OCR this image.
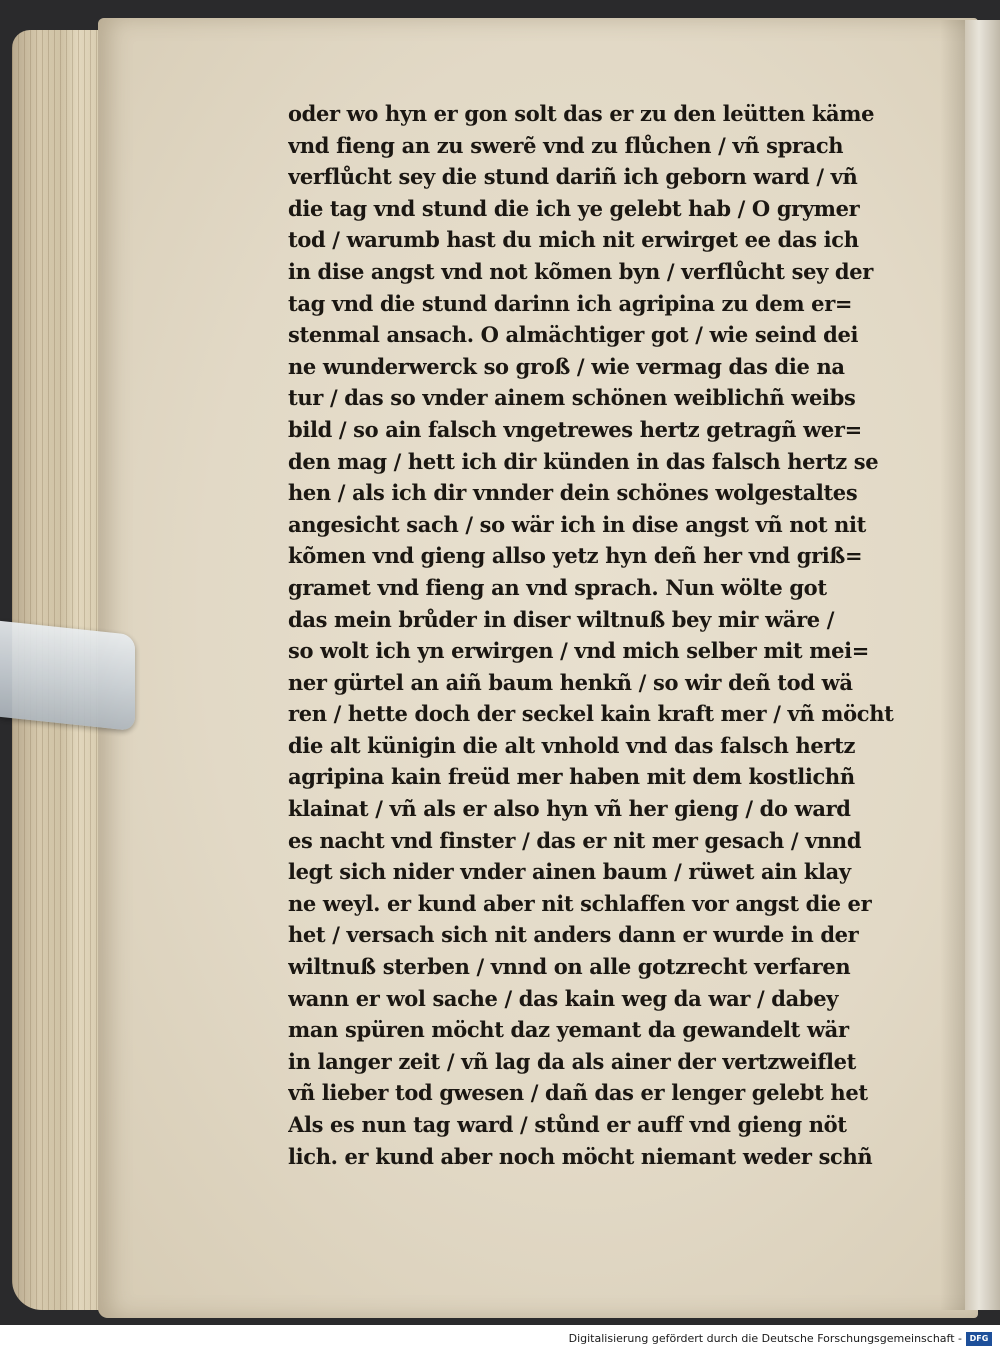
oder wo hyn er gon solt das er zu den leütten käme
vnd fieng an zu swerẽ vnd zu flůchen / vñ sprach
verflůcht sey die stund dariñ ich geborn ward / vñ
die tag vnd stund die ich ye gelebt hab / O grymer
tod / warumb hast du mich nit erwirget ee das ich
in dise angst vnd not kõmen byn / verflůcht sey der
tag vnd die stund darinn ich agripina zu dem er=
stenmal ansach. O almächtiger got / wie seind dei
ne wunderwerck so groß / wie vermag das die na
tur / das so vnder ainem schönen weiblichñ weibs
bild / so ain falsch vngetrewes hertz getragñ wer=
den mag / hett ich dir künden in das falsch hertz se
hen / als ich dir vnnder dein schönes wolgestaltes
angesicht sach / so wär ich in dise angst vñ not nit
kõmen vnd gieng allso yetz hyn deñ her vnd griß=
gramet vnd fieng an vnd sprach. Nun wölte got
das mein brůder in diser wiltnuß bey mir wäre /
so wolt ich yn erwirgen / vnd mich selber mit mei=
ner gürtel an aiñ baum henkñ / so wir deñ tod wä
ren / hette doch der seckel kain kraft mer / vñ möcht
die alt künigin die alt vnhold vnd das falsch hertz
agripina kain freüd mer haben mit dem kostlichñ
klainat / vñ als er also hyn vñ her gieng / do ward
es nacht vnd finster / das er nit mer gesach / vnnd
legt sich nider vnder ainen baum / rüwet ain klay
ne weyl. er kund aber nit schlaffen vor angst die er
het / versach sich nit anders dann er wurde in der
wiltnuß sterben / vnnd on alle gotzrecht verfaren
wann er wol sache / das kain weg da war / dabey
man spüren möcht daz yemant da gewandelt wär
in langer zeit / vñ lag da als ainer der vertzweiflet
vñ lieber tod gwesen / dañ das er lenger gelebt het
Als es nun tag ward / stůnd er auff vnd gieng nöt
lich. er kund aber noch möcht niemant weder schñ
Digitalisierung gefördert durch die Deutsche Forschungsgemeinschaft - DFG
